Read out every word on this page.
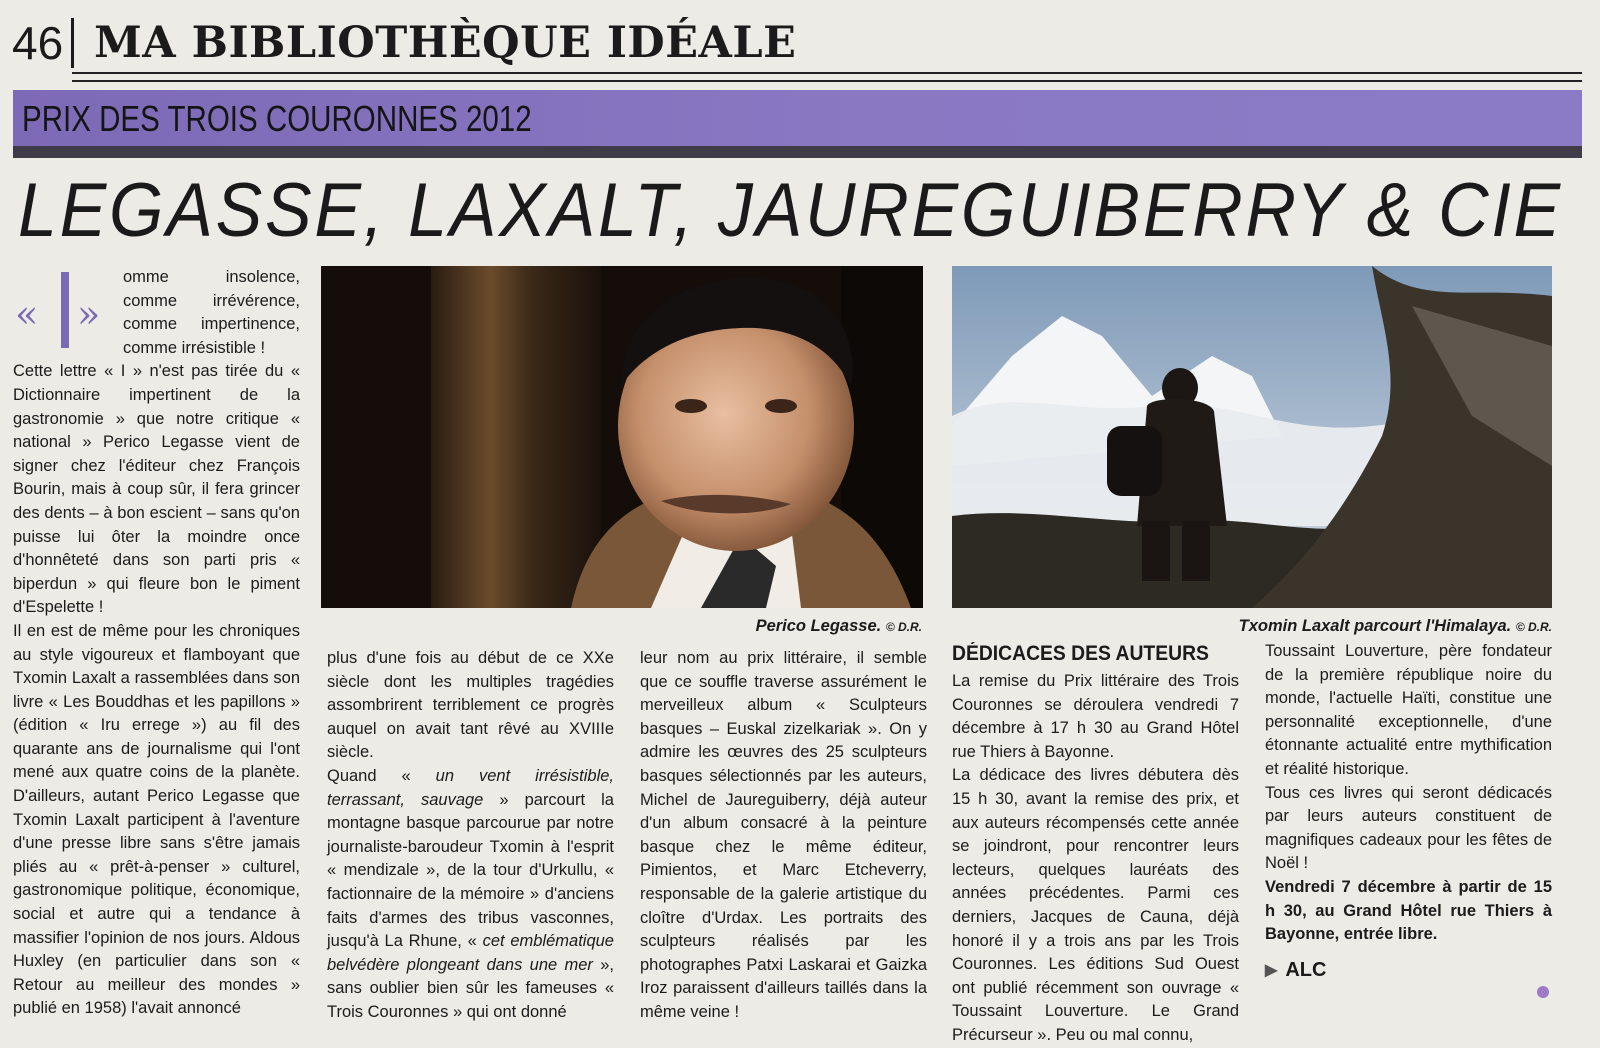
46 MA BIBLIOTHÈQUE IDÉALE
PRIX DES TROIS COURONNES 2012
LEGASSE, LAXALT, JAUREGUIBERRY & CIE
« »

omme insolence, comme irrévérence, comme impertinence, comme irrésistible !

Cette lettre « I » n'est pas tirée du « Dictionnaire impertinent de la gastronomie » que notre critique « national » Perico Legasse vient de signer chez l'éditeur chez François Bourin, mais à coup sûr, il fera grincer des dents – à bon escient – sans qu'on puisse lui ôter la moindre once d'honnêteté dans son parti pris « biperdun » qui fleure bon le piment d'Espelette !

Il en est de même pour les chroniques au style vigoureux et flamboyant que Txomin Laxalt a rassemblées dans son livre « Les Bouddhas et les papillons » (édition « Iru errege ») au fil des quarante ans de journalisme qui l'ont mené aux quatre coins de la planète. D'ailleurs, autant Perico Legasse que Txomin Laxalt participent à l'aventure d'une presse libre sans s'être jamais pliés au « prêt-à-penser » culturel, gastronomique politique, économique, social et autre qui a tendance à massifier l'opinion de nos jours. Aldous Huxley (en particulier dans son « Retour au meilleur des mondes » publié en 1958) l'avait annoncé

Perico Legasse. © D.R.	Txomin Laxalt parcourt l'Himalaya. © D.R.

plus d'une fois au début de ce XXe siècle dont les multiples tragédies assombrirent terriblement ce progrès auquel on avait tant rêvé au XVIIIe siècle.

Quand « un vent irrésistible, terrassant, sauvage » parcourt la montagne basque parcourue par notre journaliste-baroudeur Txomin à l'esprit « mendizale », de la tour d'Urkullu, « factionnaire de la mémoire » d'anciens faits d'armes des tribus vasconnes, jusqu'à La Rhune, « cet emblématique belvédère plongeant dans une mer », sans oublier bien sûr les fameuses « Trois Couronnes » qui ont donné

leur nom au prix littéraire, il semble que ce souffle traverse assurément le merveilleux album « Sculpteurs basques – Euskal zizelkariak ». On y admire les œuvres des 25 sculpteurs basques sélectionnés par les auteurs, Michel de Jaureguiberry, déjà auteur d'un album consacré à la peinture basque chez le même éditeur, Pimientos, et Marc Etcheverry, responsable de la galerie artistique du cloître d'Urdax. Les portraits des sculpteurs réalisés par les photographes Patxi Laskarai et Gaizka Iroz paraissent d'ailleurs taillés dans la même veine !

DÉDICACES DES AUTEURS

La remise du Prix littéraire des Trois Couronnes se déroulera vendredi 7 décembre à 17 h 30 au Grand Hôtel rue Thiers à Bayonne.

La dédicace des livres débutera dès 15 h 30, avant la remise des prix, et aux auteurs récompensés cette année se joindront, pour rencontrer leurs lecteurs, quelques lauréats des années précédentes. Parmi ces derniers, Jacques de Cauna, déjà honoré il y a trois ans par les Trois Couronnes. Les éditions Sud Ouest ont publié récemment son ouvrage « Toussaint Louverture. Le Grand Précurseur ». Peu ou mal connu,

Toussaint Louverture, père fondateur de la première république noire du monde, l'actuelle Haïti, constitue une personnalité exceptionnelle, d'une étonnante actualité entre mythification et réalité historique.

Tous ces livres qui seront dédicacés par leurs auteurs constituent de magnifiques cadeaux pour les fêtes de Noël !

Vendredi 7 décembre à partir de 15 h 30, au Grand Hôtel rue Thiers à Bayonne, entrée libre.

▶ ALC
